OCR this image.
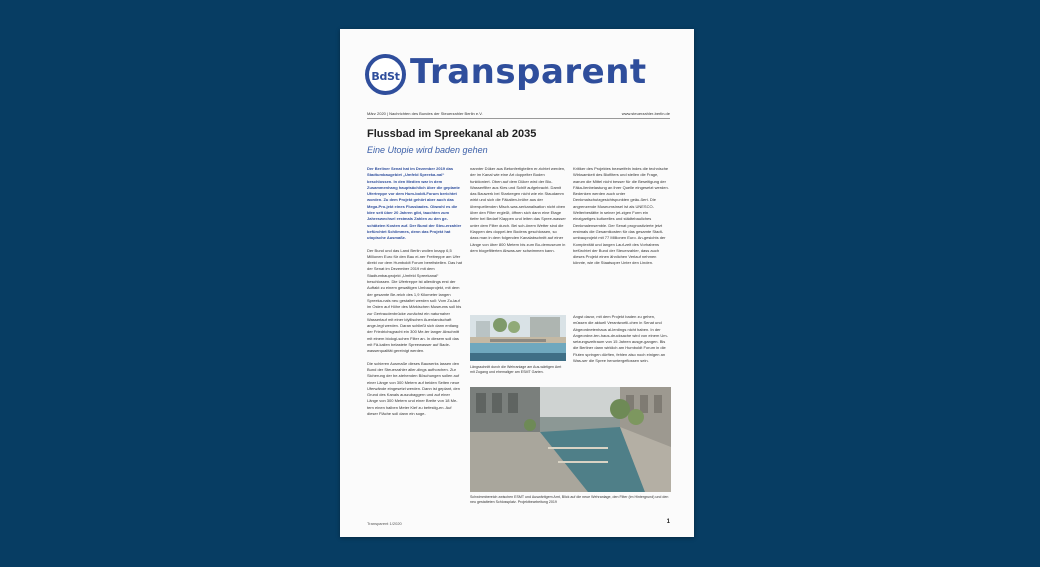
BdSt Transparent
März 2020 | Nachrichten des Bundes der Steuerzahler Berlin e.V.	www.steuerzahler-berlin.de
Flussbad im Spreekanal ab 2035
Eine Utopie wird baden gehen

Der Berliner Senat hat im Dezember 2019 das Stadtumbaugebiet „Umfeld Spreeka-nal“ beschlossen. In den Medien war in dem Zusammenhang hauptsächlich über die geplante Ufertreppe vor dem Hum-boldt-Forum berichtet worden. Zu dem Projekt gehört aber auch das Mega-Pro-jekt eines Flussbades. Obwohl es die Idee seit über 20 Jahren gibt, tauchten zum Jahreswechsel erstmals Zahlen zu den ge-schätzten Kosten auf. Der Bund der Steu-erzahler befürchtet Schlimmes, denn das Projekt hat utopische Ausmaße.

Der Bund und das Land Berlin wollen knapp 6,5 Millionen Euro für den Bau ei-ner Freitreppe am Ufer direkt vor dem Humboldt Forum bereitstellen. Das hat der Senat im Dezember 2019 mit dem Stadtumbauprojekt „Umfeld Spreekanal“ beschlossen. Die Ufertreppe ist allerdings erst der Auftakt zu einem gewaltigen Umbauprojekt, mit dem der gesamte Be-reich des 1,9 Kilometer langen Spreeka-nals neu gestaltet werden soll: Vom Zu-lauf im Osten auf Höhe des Märkischen Museums soll bis zur Gertraudenbrücke zunächst ein naturnaher Wasserlauf mit einer idyllischen Auenlandschaft ange-legt werden. Daran schließt sich dann entlang der Friedrichsgracht ein 300 Me-ter langer Abschnitt mit einem biologi-schen Filter an. In diesem soll das mit Fä-kalien belastete Spreewasser auf Bade-wasserqualität gereinigt werden.

Die schieren Ausmaße dieses Bauwerks lassen den Bund der Steuerzahler aller-dings aufhorchen. Zur Sicherung der be-stehenden Böschungen sollen auf einer Länge von 300 Metern auf beiden Seiten neue Uferwände eingesetzt werden. Dann ist geplant, den Grund des Kanals auszubaggern und auf einer Länge von 300 Metern und einer Breite von 18 Me-tern einen halben Meter Kief zu befestig-en. Auf dieser Fläche soll dann ein soge-

nannter Düker aus Betonfertigteilen er-richtet werden, der im Kanal wie eine Art doppelter Boden funktioniert. Oben auf dem Düker wird der Bio-Wasserfilter aus Kies und Schilf aufgebracht. Damit das Bauwerk bei Starkregen nicht wie ein Staudamm wirkt und sich die Fäkalien-brühe aus der überquellenden Misch-was-serkanalisation nicht oben über den Filter ergießt, öffnen sich dann eine Etage tiefer bei Bedarf Klappen und leiten das Spree-wasser unter dem Filter durch. Bei sch-önem Wetter sind die Klappen des doppel-ten Bodens geschlossen, so dass man in dem folgenden Kanalabschnitt auf einer Länge von über 800 Metern bis zum Bo-demuseum in dem biogefilterten Abwas-ser schwimmen kann.

Kritiker des Projektes bezweifeln indes die technische Wirksamkeit des Biofilters und stellen die Frage, warum die Mittel nicht besser für die Beseitigung der Fäka-lienbelastung an ihrer Quelle eingesetzt werden. Bedenken werden auch unter Denkmalschutzgesichtspunkten geäu-ßert. Die angrenzende Museumsinsel ist als UNESCO-Welterbestätte in seiner jet-zigen Form ein einzigartiges kulturelles und städtebauliches Denkmalensemble. Der Senat prognostizierte jetzt erstmals die Gesamtkosten für das gesamte Stadt-umbauprojekt mit 77 Millionen Euro. An-gesichts der Komplexität und langen Lauf-zeit des Vorhabens befürchtet der Bund der Steuerzahler, dass auch dieses Projekt einen ähnlichen Verlauf nehmen könnte, wie die Staatsoper Unter den Linden.

Angst davor, mit dem Projekt baden zu gehen, müssen die aktuell Verantwortli-chen in Senat und Abgeordnetenhaus al-lerdings nicht haben. In der Angeordne-ten-haus-drucksache wird von einem Um-setzungszeitraum von 15 Jahren ausge-gangen. Bis die Berliner dann wirklich am Humboldt Forum in die Fluten springen dürften, fehlen also noch einigen an Was-ser die Spree heruntergeflossen sein.

Längsschnitt durch die Wehranlage am Aus-wärtigen Amt mit Zugang und ehemaliger am ESMT Garten.
Schwimmbereich zwischen ESMT und Auswärtigem Amt, Blick auf die neue Wehranlage, den Filter (im Hintergrund) und den neu gestalteten Schlossplatz. Projektbearbeitung 2019
Transparent 1/2020	1
